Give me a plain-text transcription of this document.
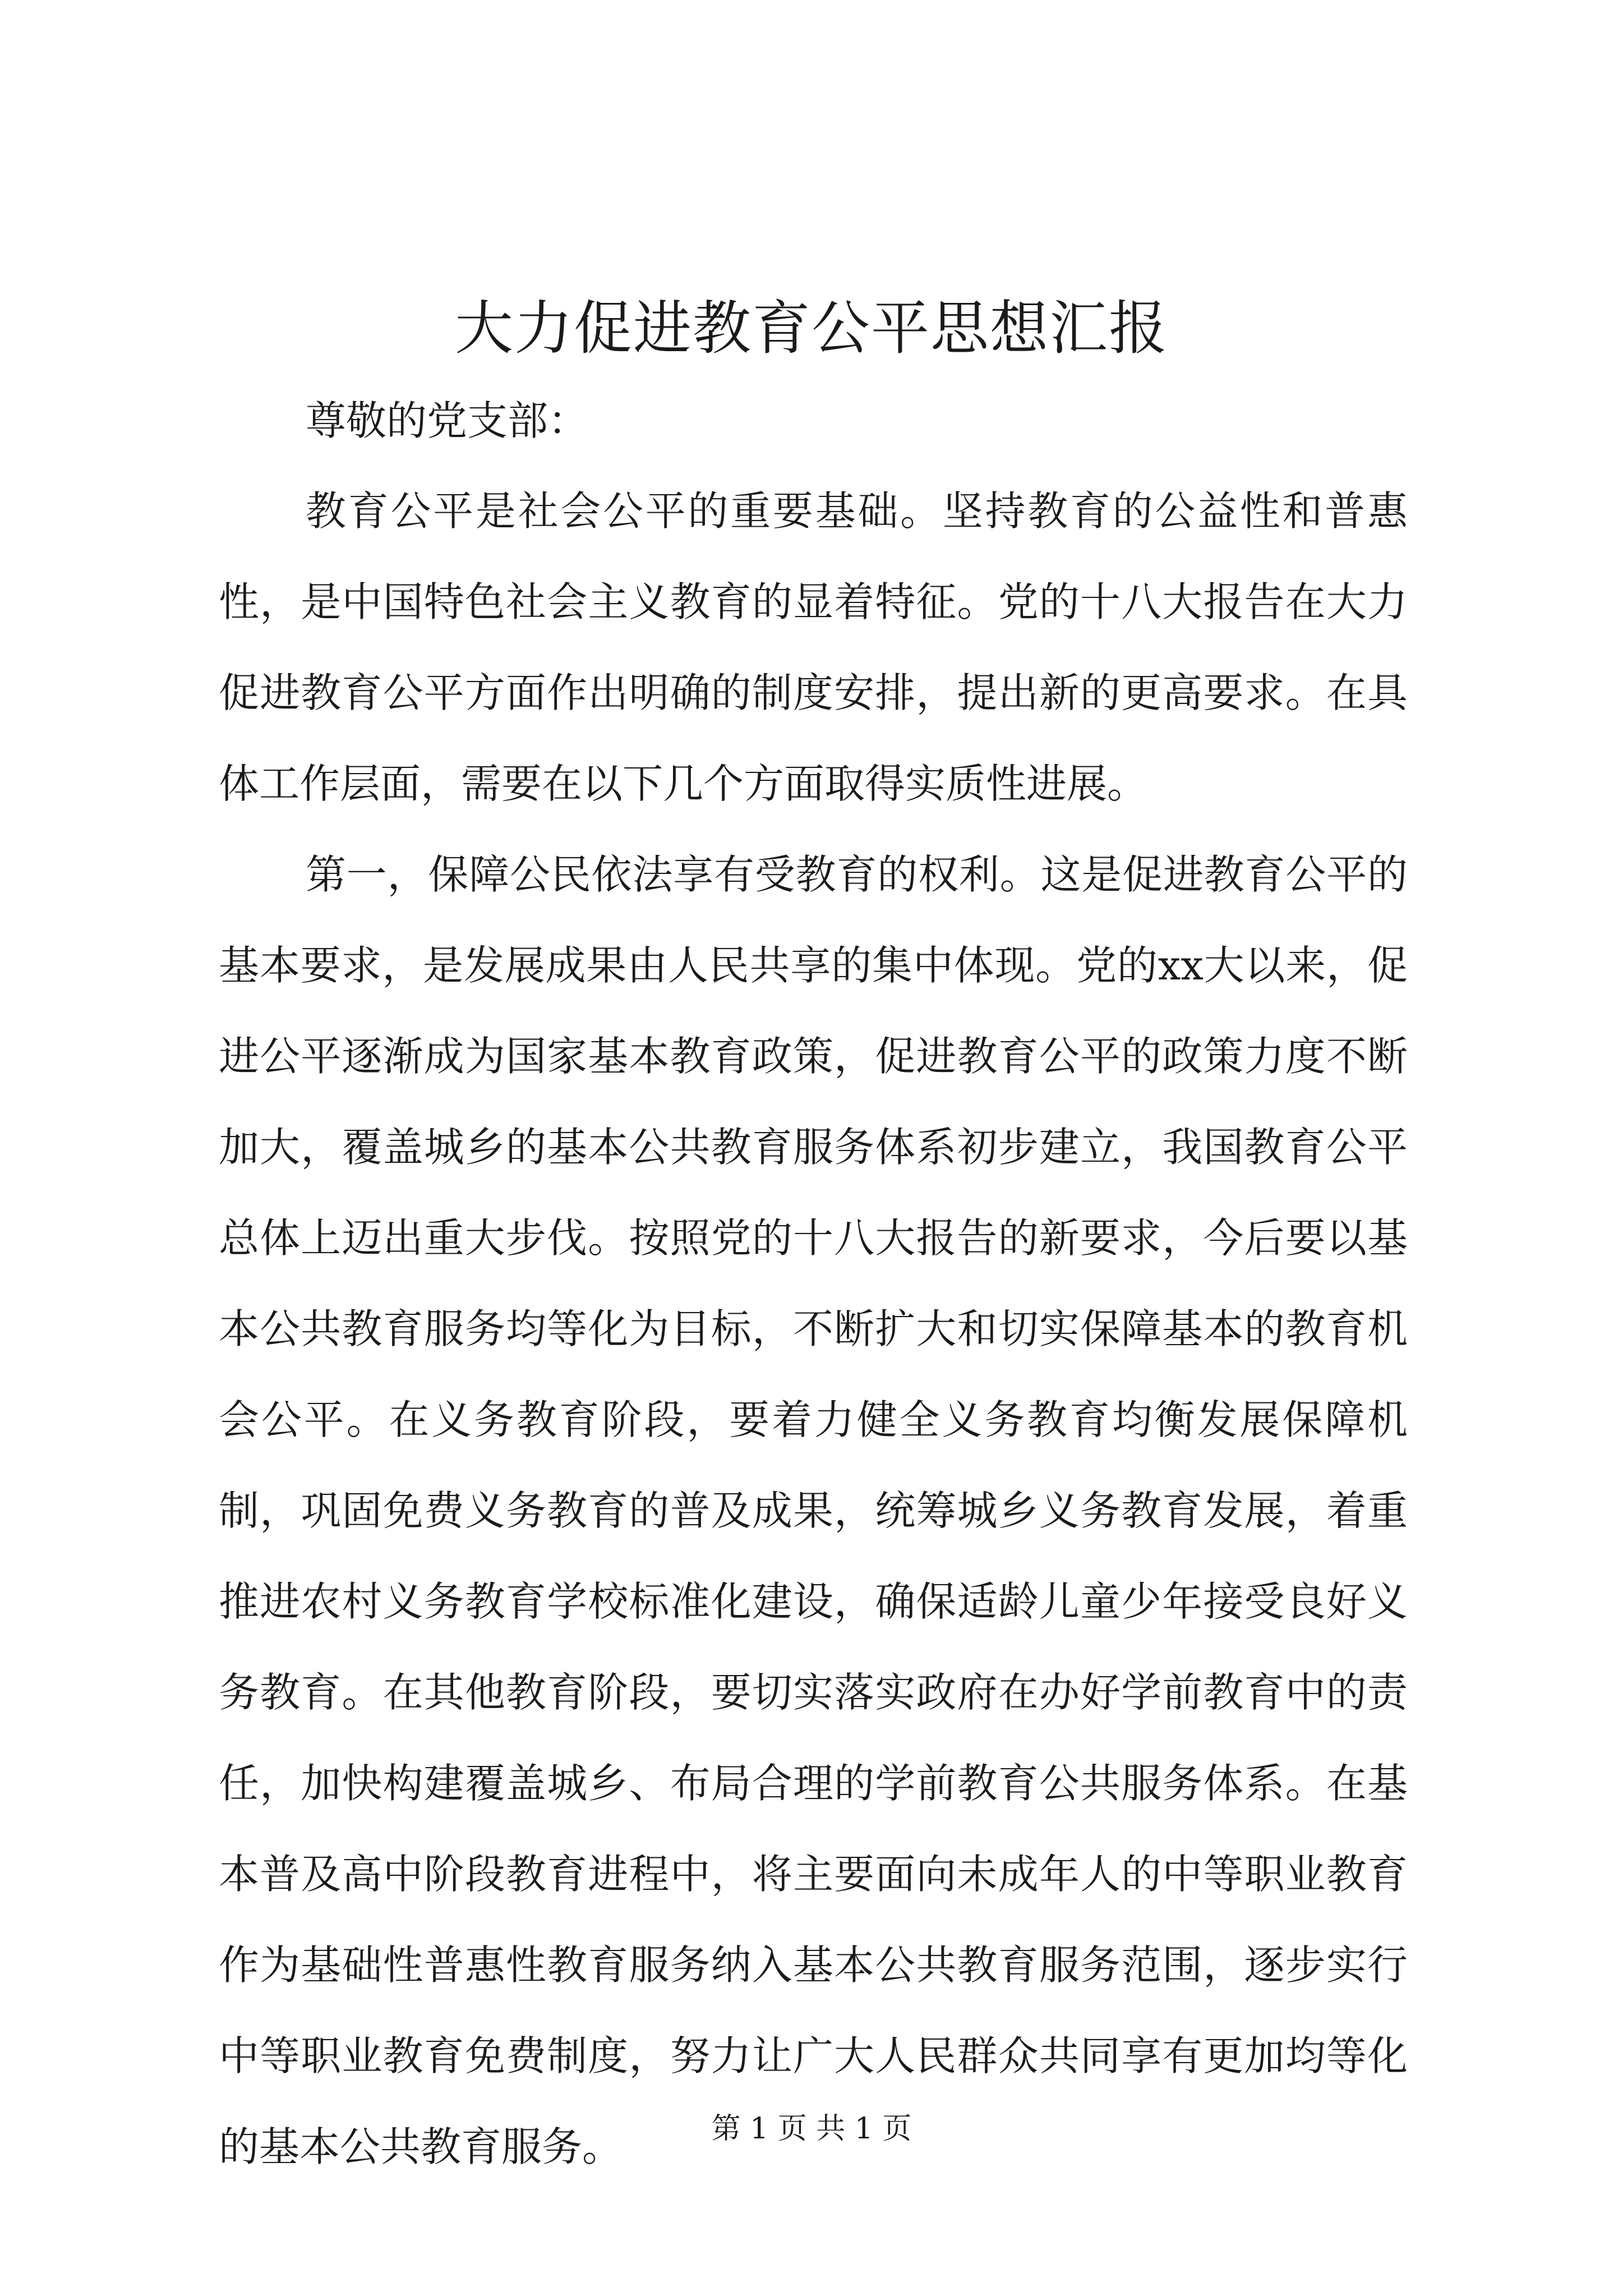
大力促进教育公平思想汇报

尊敬的党支部：

教育公平是社会公平的重要基础。坚持教育的公益性和普惠性，是中国特色社会主义教育的显着特征。党的十八大报告在大力促进教育公平方面作出明确的制度安排，提出新的更高要求。在具体工作层面，需要在以下几个方面取得实质性进展。

第一，保障公民依法享有受教育的权利。这是促进教育公平的基本要求，是发展成果由人民共享的集中体现。党的xx大以来，促进公平逐渐成为国家基本教育政策，促进教育公平的政策力度不断加大，覆盖城乡的基本公共教育服务体系初步建立，我国教育公平总体上迈出重大步伐。按照党的十八大报告的新要求，今后要以基本公共教育服务均等化为目标，不断扩大和切实保障基本的教育机会公平。在义务教育阶段，要着力健全义务教育均衡发展保障机制，巩固免费义务教育的普及成果，统筹城乡义务教育发展，着重推进农村义务教育学校标准化建设，确保适龄儿童少年接受良好义务教育。在其他教育阶段，要切实落实政府在办好学前教育中的责任，加快构建覆盖城乡、布局合理的学前教育公共服务体系。在基本普及高中阶段教育进程中，将主要面向未成年人的中等职业教育作为基础性普惠性教育服务纳入基本公共教育服务范围，逐步实行中等职业教育免费制度，努力让广大人民群众共同享有更加均等化的基本公共教育服务。	第 1 页 共 1 页
